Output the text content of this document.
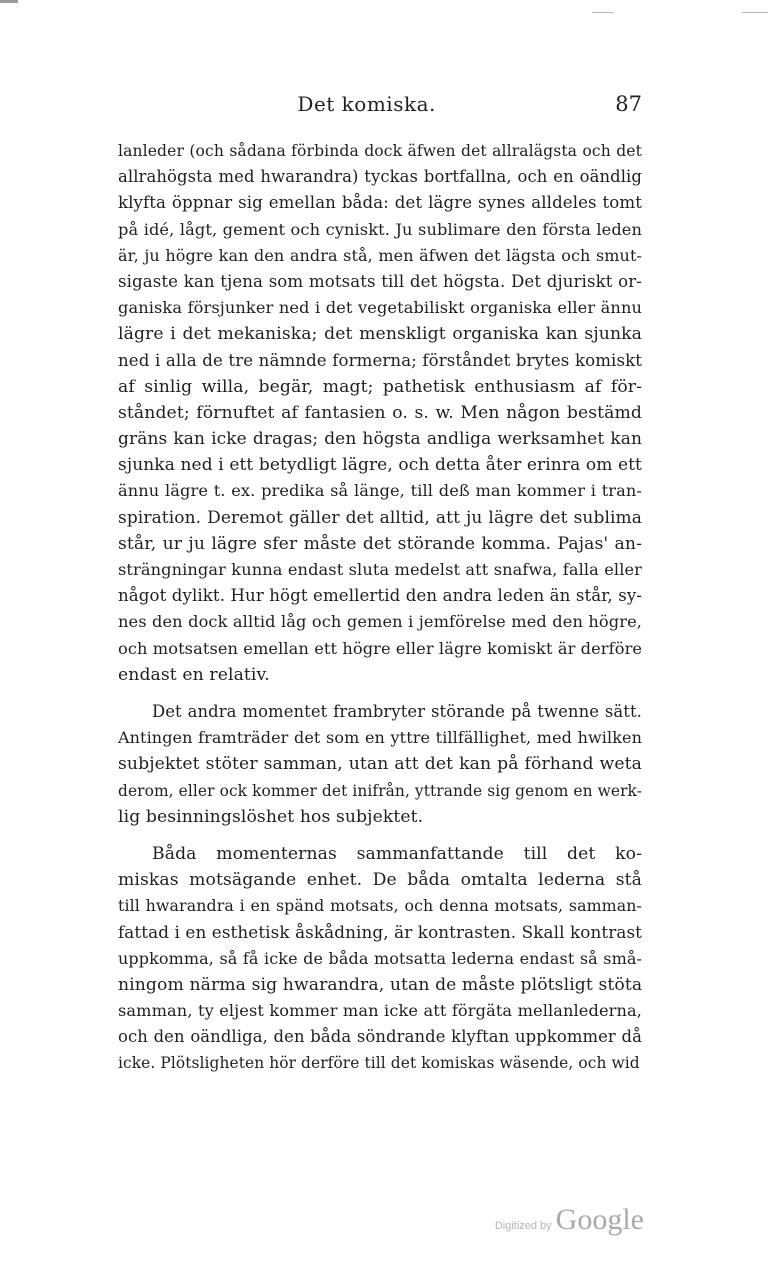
Det komiska.	87
lanleder (och sådana förbinda dock äfwen det allralägsta och det
allrahögsta med hwarandra) tyckas bortfallna, och en oändlig
klyfta öppnar sig emellan båda: det lägre synes alldeles tomt
på idé, lågt, gement och cyniskt. Ju sublimare den första leden
är, ju högre kan den andra stå, men äfwen det lägsta och smut-
sigaste kan tjena som motsats till det högsta. Det djuriskt or-
ganiska försjunker ned i det vegetabiliskt organiska eller ännu
lägre i det mekaniska; det menskligt organiska kan sjunka
ned i alla de tre nämnde formerna; förståndet brytes komiskt
af sinlig willa, begär, magt; pathetisk enthusiasm af för-
ståndet; förnuftet af fantasien o. s. w. Men någon bestämd
gräns kan icke dragas; den högsta andliga werksamhet kan
sjunka ned i ett betydligt lägre, och detta åter erinra om ett
ännu lägre t. ex. predika så länge, till deß man kommer i tran-
spiration. Deremot gäller det alltid, att ju lägre det sublima
står, ur ju lägre sfer måste det störande komma. Pajas' an-
strängningar kunna endast sluta medelst att snafwa, falla eller
något dylikt. Hur högt emellertid den andra leden än står, sy-
nes den dock alltid låg och gemen i jemförelse med den högre,
och motsatsen emellan ett högre eller lägre komiskt är derföre
endast en relativ.
Det andra momentet frambryter störande på twenne sätt.
Antingen framträder det som en yttre tillfällighet, med hwilken
subjektet stöter samman, utan att det kan på förhand weta
derom, eller ock kommer det inifrån, yttrande sig genom en werk-
lig besinningslöshet hos subjektet.
Båda momenternas sammanfattande till det ko-
miskas motsägande enhet. De båda omtalta lederna stå
till hwarandra i en spänd motsats, och denna motsats, samman-
fattad i en esthetisk åskådning, är kontrasten. Skall kontrast
uppkomma, så få icke de båda motsatta lederna endast så små-
ningom närma sig hwarandra, utan de måste plötsligt stöta
samman, ty eljest kommer man icke att förgäta mellanlederna,
och den oändliga, den båda söndrande klyftan uppkommer då
icke. Plötsligheten hör derföre till det komiskas wäsende, och wid
Digitized by Google
